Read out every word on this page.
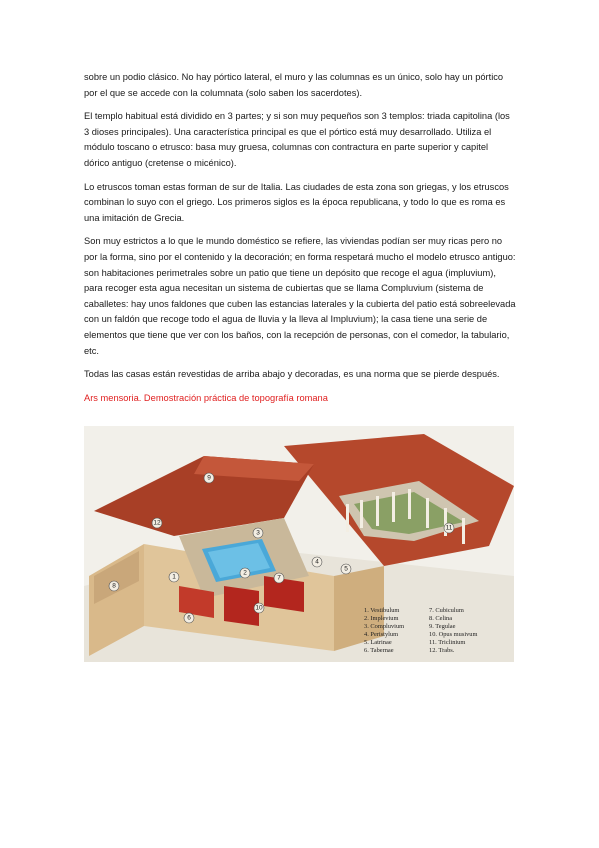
sobre un podio clásico. No hay pórtico lateral, el muro y las columnas es un único, solo hay un pórtico por el que se accede con la columnata (solo saben los sacerdotes).

El templo habitual está dividido en 3 partes; y si son muy pequeños son 3 templos: triada capitolina (los 3 dioses principales). Una característica principal es que el pórtico está muy desarrollado. Utiliza el módulo toscano o etrusco: basa muy gruesa, columnas con contractura en parte superior y capitel dórico antiguo (cretense o micénico).

Lo etruscos toman estas forman de sur de Italia. Las ciudades de esta zona son griegas, y los etruscos combinan lo suyo con el griego. Los primeros siglos es la época republicana, y todo lo que es roma es una imitación de Grecia.

Son muy estrictos a lo que le mundo doméstico se refiere, las viviendas podían ser muy ricas pero no por la forma, sino por el contenido y la decoración; en forma respetará mucho el modelo etrusco antiguo: son habitaciones perimetrales sobre un patio que tiene un depósito que recoge el agua (impluvium), para recoger esta agua necesitan un sistema de cubiertas que se llama Compluvium (sistema de caballetes: hay unos faldones que cuben las estancias laterales y la cubierta del patio está sobreelevada con un faldón que recoge todo el agua de lluvia y la lleva al Impluvium); la casa tiene una serie de elementos que tiene que ver con los baños, con la recepción de personas, con el comedor, la tabulario, etc.

Todas las casas están revestidas de arriba abajo y decoradas, es una norma que se pierde después.

Ars mensoria. Demostración práctica de topografía romana

9
12
3
2
1
6
7
4
5
11
10
8
1. Vestibulum
2. Implevium
3. Compluvium
4. Peristylum
5. Latrinae
6. Tabernae
7. Cubiculum
8. Celina
9. Tegulae
10. Opus musivum
11. Triclinium
12. Trabs.
